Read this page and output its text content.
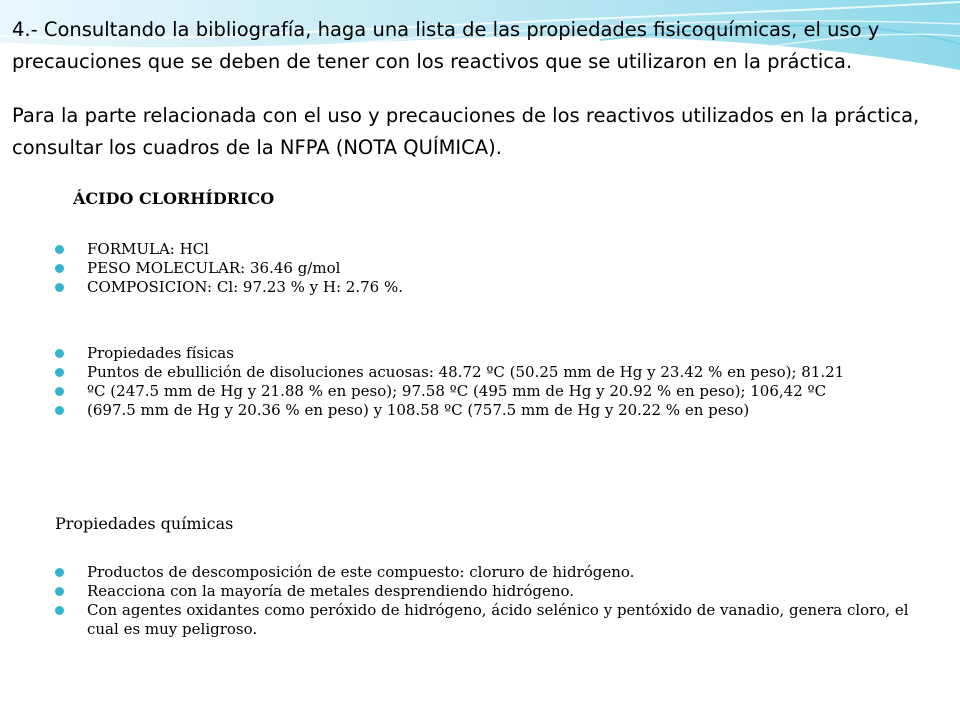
4.- Consultando la bibliografía, haga una lista de las propiedades fisicoquímicas, el uso y precauciones que se deben de tener con los reactivos que se utilizaron en la práctica.

Para la parte relacionada con el uso y precauciones de los reactivos utilizados en la práctica, consultar los cuadros de la NFPA (NOTA QUÍMICA).

ÁCIDO CLORHÍDRICO

FORMULA: HCl
PESO MOLECULAR: 36.46 g/mol
COMPOSICION: Cl: 97.23 % y H: 2.76 %.
Propiedades físicas
Puntos de ebullición de disoluciones acuosas: 48.72 ºC (50.25 mm de Hg y 23.42 % en peso); 81.21
ºC (247.5 mm de Hg y 21.88 % en peso); 97.58 ºC (495 mm de Hg y 20.92 % en peso); 106,42 ºC
(697.5 mm de Hg y 20.36 % en peso) y 108.58 ºC (757.5 mm de Hg y 20.22 % en peso)

Propiedades químicas

Productos de descomposición de este compuesto: cloruro de hidrógeno.
Reacciona con la mayoría de metales desprendiendo hidrógeno.
Con agentes oxidantes como peróxido de hidrógeno, ácido selénico y pentóxido de vanadio, genera cloro, el cual es muy peligroso.
